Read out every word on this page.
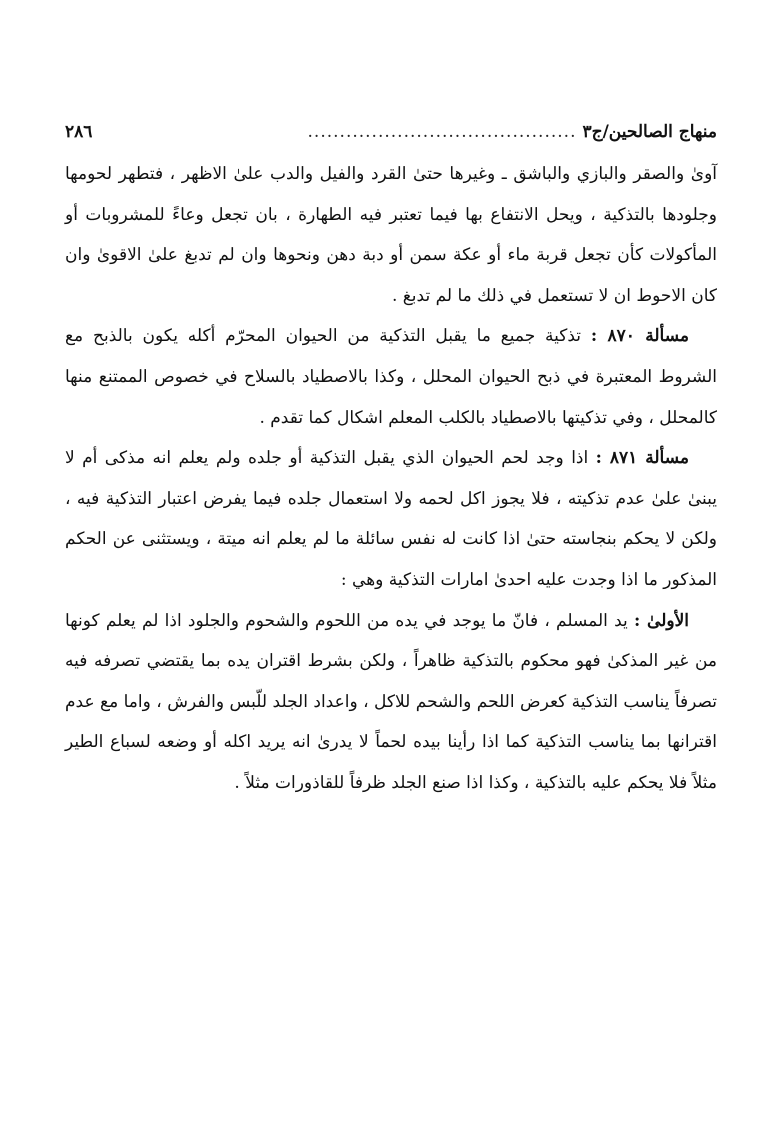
منهاج الصالحين/ج٣
..........................................
٢٨٦

آوىٰ والصقر والبازي والباشق ـ وغيرها حتىٰ القرد والفيل والدب علىٰ الاظهر ، فتطهر لحومها وجلودها بالتذكية ، ويحل الانتفاع بها فيما تعتبر فيه الطهارة ، بان تجعل وعاءً للمشروبات أو المأكولات كأن تجعل قربة ماء أو عكة سمن أو دبة دهن ونحوها وان لم تدبغ علىٰ الاقوىٰ وان كان الاحوط ان لا تستعمل في ذلك ما لم تدبغ .

مسألة ٨٧٠ : تذكية جميع ما يقبل التذكية من الحيوان المحرّم أكله يكون بالذبح مع الشروط المعتبرة في ذبح الحيوان المحلل ، وكذا بالاصطياد بالسلاح في خصوص الممتنع منها كالمحلل ، وفي تذكيتها بالاصطياد بالكلب المعلم اشكال كما تقدم .

مسألة ٨٧١ : اذا وجد لحم الحيوان الذي يقبل التذكية أو جلده ولم يعلم انه مذكى أم لا يبنىٰ علىٰ عدم تذكيته ، فلا يجوز اكل لحمه ولا استعمال جلده فيما يفرض اعتبار التذكية فيه ، ولكن لا يحكم بنجاسته حتىٰ اذا كانت له نفس سائلة ما لم يعلم انه ميتة ، ويستثنى عن الحكم المذكور ما اذا وجدت عليه احدىٰ امارات التذكية وهي :

الأولىٰ : يد المسلم ، فانّ ما يوجد في يده من اللحوم والشحوم والجلود اذا لم يعلم كونها من غير المذكىٰ فهو محكوم بالتذكية ظاهراً ، ولكن بشرط اقتران يده بما يقتضي تصرفه فيه تصرفاً يناسب التذكية كعرض اللحم والشحم للاكل ، واعداد الجلد للّبس والفرش ، واما مع عدم اقترانها بما يناسب التذكية كما اذا رأينا بيده لحماً لا يدرىٰ انه يريد اكله أو وضعه لسباع الطير مثلاً فلا يحكم عليه بالتذكية ، وكذا اذا صنع الجلد ظرفاً للقاذورات مثلاً .
